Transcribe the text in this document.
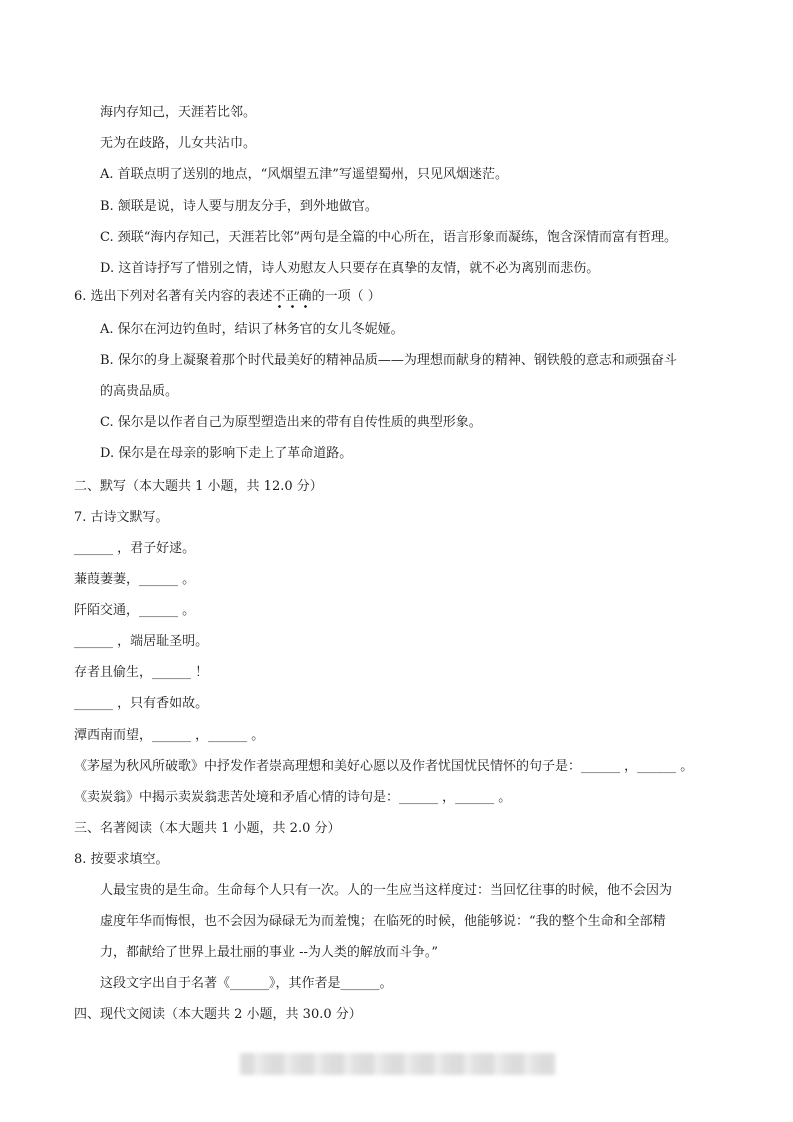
海内存知己，天涯若比邻。
无为在歧路，儿女共沾巾。
A. 首联点明了送别的地点，“风烟望五津”写遥望蜀州，只见风烟迷茫。
B. 颔联是说，诗人要与朋友分手，到外地做官。
C. 颈联“海内存知己，天涯若比邻”两句是全篇的中心所在，语言形象而凝练，饱含深情而富有哲理。
D. 这首诗抒写了惜别之情，诗人劝慰友人只要存在真挚的友情，就不必为离别而悲伤。
6. 选出下列对名著有关内容的表述不正确的一项（ ）
A. 保尔在河边钓鱼时，结识了林务官的女儿冬妮娅。
B. 保尔的身上凝聚着那个时代最美好的精神品质——为理想而献身的精神、钢铁般的意志和顽强奋斗
的高贵品质。
C. 保尔是以作者自己为原型塑造出来的带有自传性质的典型形象。
D. 保尔是在母亲的影响下走上了革命道路。
二、默写（本大题共 1 小题，共 12.0 分）
7. 古诗文默写。
______ ，君子好逑。
蒹葭萋萋，______ 。
阡陌交通，______ 。
______ ，端居耻圣明。
存者且偷生，______ ！
______ ，只有香如故。
潭西南而望，______ ，______ 。
《茅屋为秋风所破歌》中抒发作者崇高理想和美好心愿以及作者忧国忧民情怀的句子是：______ ，______ 。
《卖炭翁》中揭示卖炭翁悲苦处境和矛盾心情的诗句是：______ ，______ 。
三、名著阅读（本大题共 1 小题，共 2.0 分）
8. 按要求填空。
人最宝贵的是生命。生命每个人只有一次。人的一生应当这样度过：当回忆往事的时候，他不会因为
虚度年华而悔恨，也不会因为碌碌无为而羞愧；在临死的时候，他能够说：“我的整个生命和全部精
力，都献给了世界上最壮丽的事业 --为人类的解放而斗争。”
这段文字出自于名著《______》，其作者是______。
四、现代文阅读（本大题共 2 小题，共 30.0 分）
